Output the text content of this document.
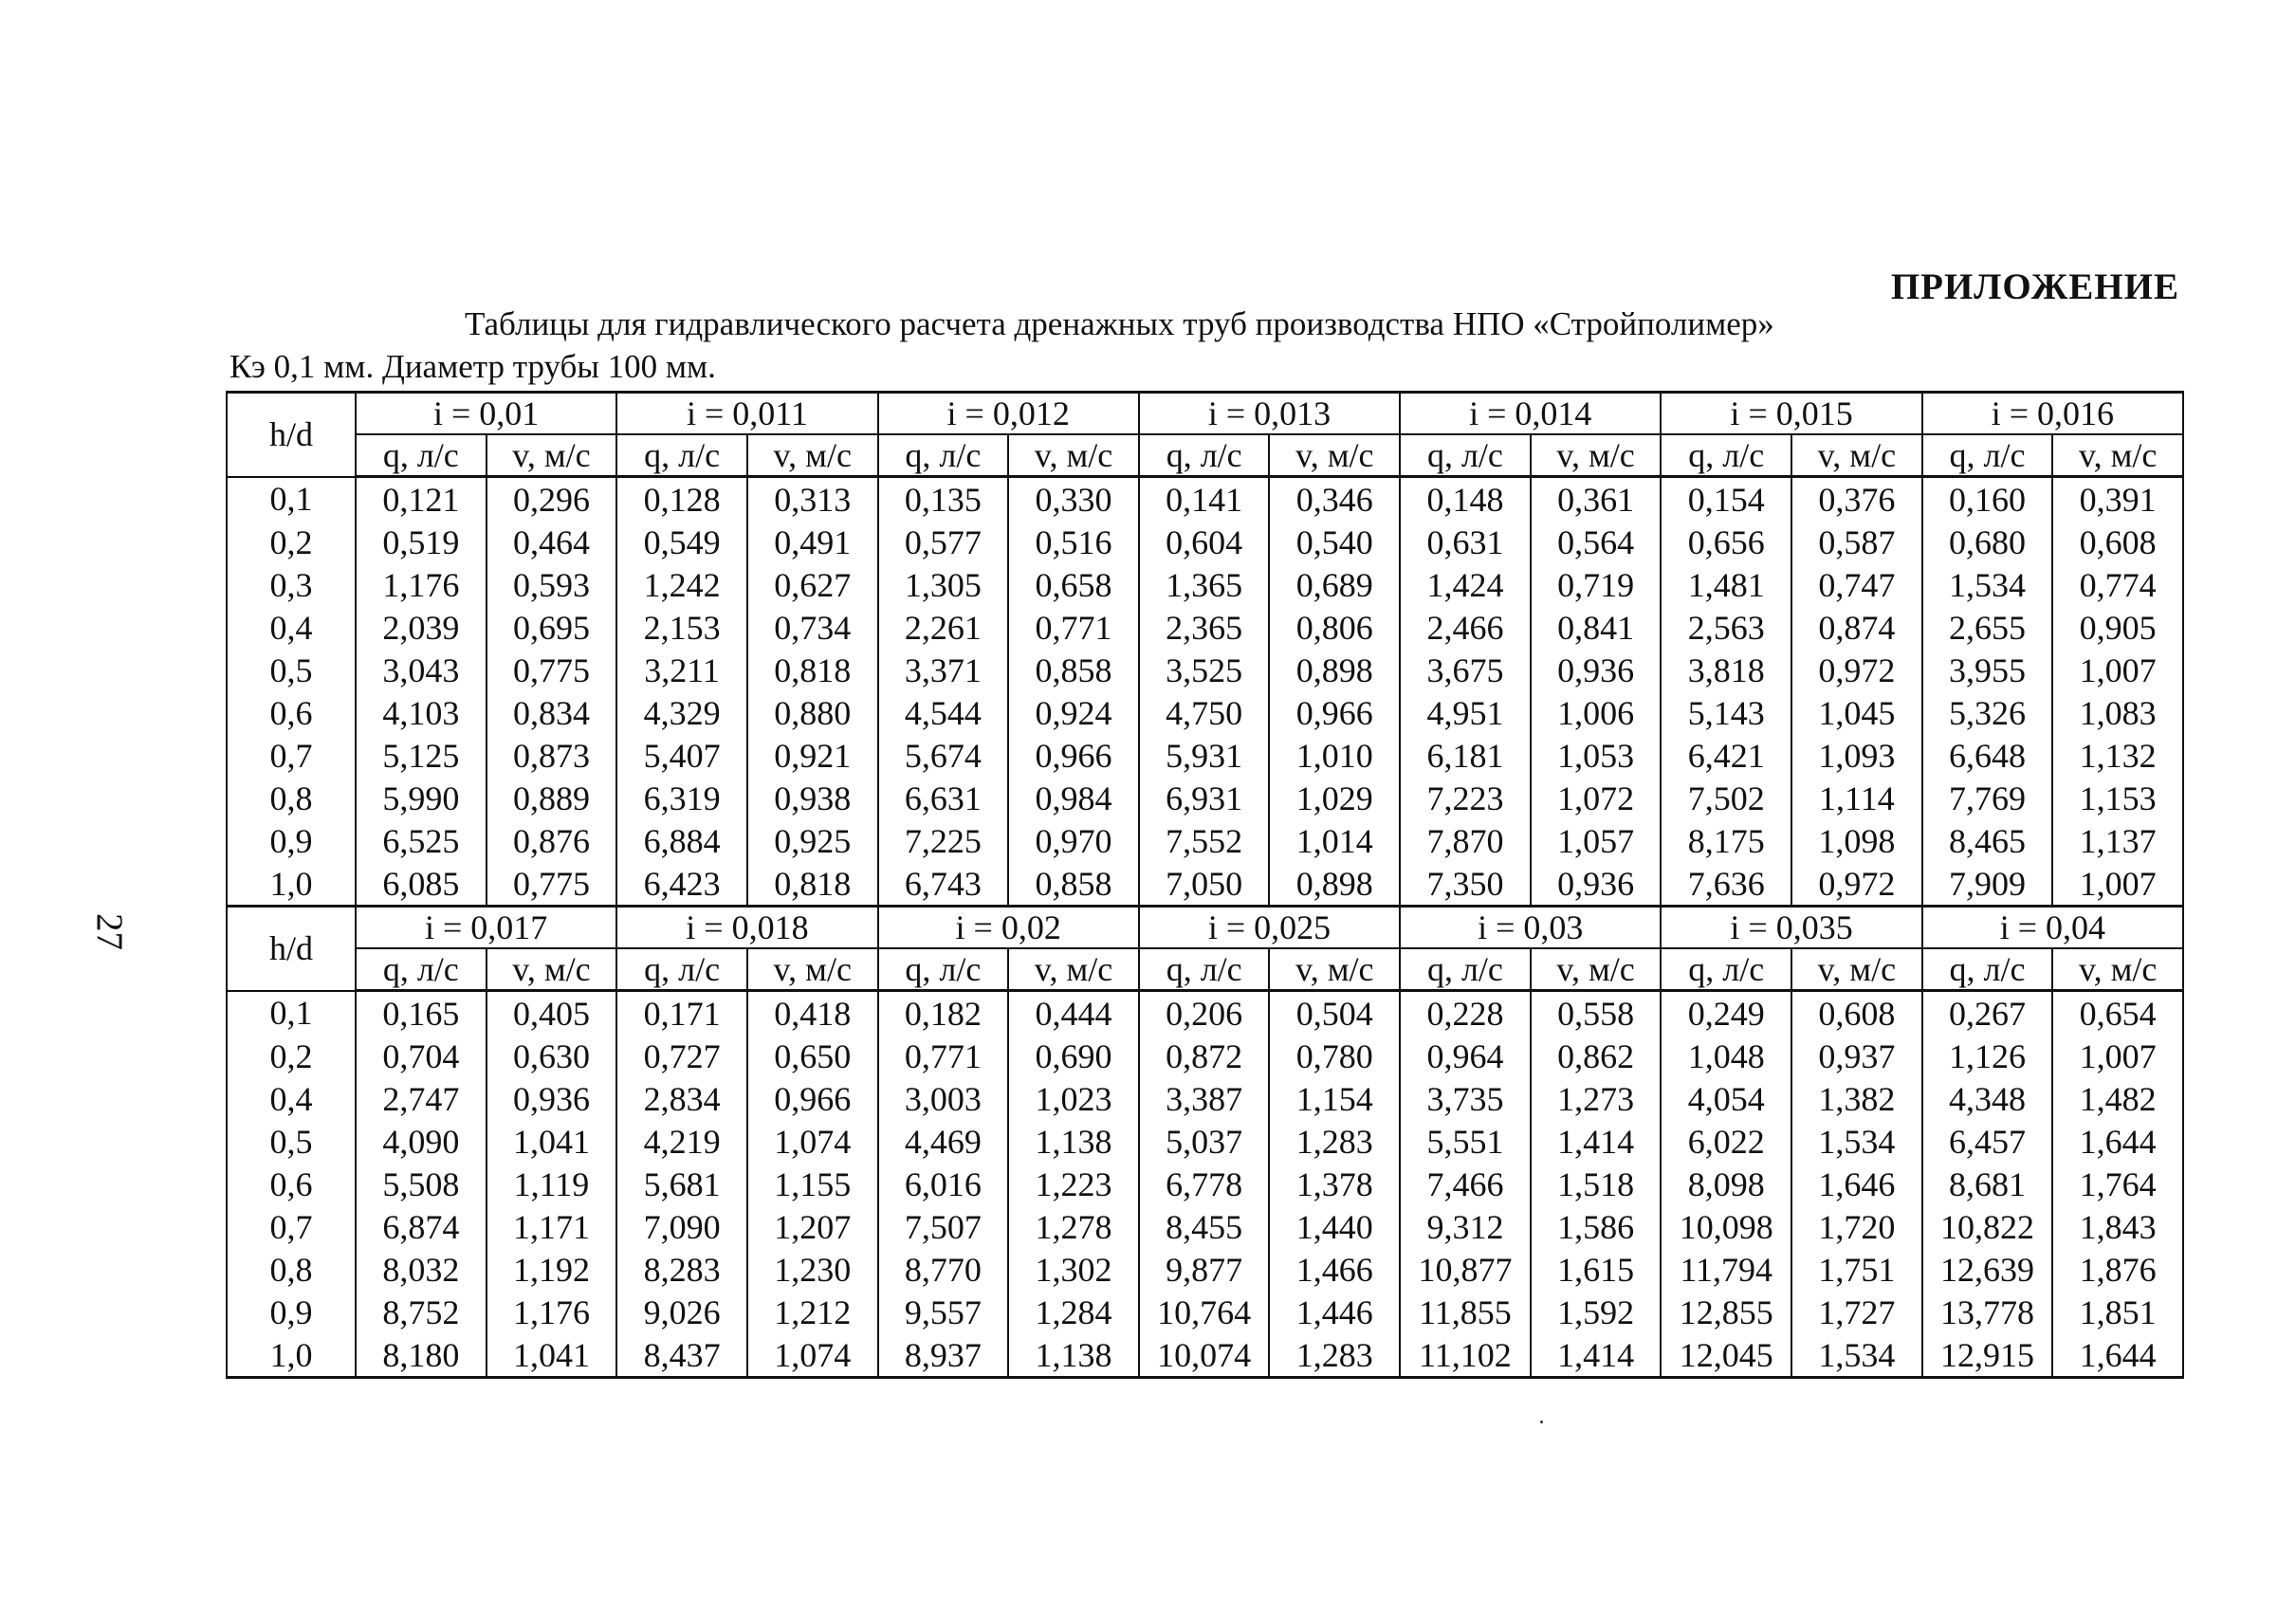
ПРИЛОЖЕНИЕ
Таблицы для гидравлического расчета дренажных труб производства НПО «Стройполимер»
Кэ 0,1 мм. Диаметр трубы 100 мм.
27
h/d	i = 0,01		i = 0,011		i = 0,012		i = 0,013		i = 0,014		i = 0,015		i = 0,016	
	q, л/с	v, м/с	q, л/с	v, м/с	q, л/с	v, м/с	q, л/с	v, м/с	q, л/с	v, м/с	q, л/с	v, м/с	q, л/с	v, м/с
0,1	0,121	0,296	0,128	0,313	0,135	0,330	0,141	0,346	0,148	0,361	0,154	0,376	0,160	0,391
0,2	0,519	0,464	0,549	0,491	0,577	0,516	0,604	0,540	0,631	0,564	0,656	0,587	0,680	0,608
0,3	1,176	0,593	1,242	0,627	1,305	0,658	1,365	0,689	1,424	0,719	1,481	0,747	1,534	0,774
0,4	2,039	0,695	2,153	0,734	2,261	0,771	2,365	0,806	2,466	0,841	2,563	0,874	2,655	0,905
0,5	3,043	0,775	3,211	0,818	3,371	0,858	3,525	0,898	3,675	0,936	3,818	0,972	3,955	1,007
0,6	4,103	0,834	4,329	0,880	4,544	0,924	4,750	0,966	4,951	1,006	5,143	1,045	5,326	1,083
0,7	5,125	0,873	5,407	0,921	5,674	0,966	5,931	1,010	6,181	1,053	6,421	1,093	6,648	1,132
0,8	5,990	0,889	6,319	0,938	6,631	0,984	6,931	1,029	7,223	1,072	7,502	1,114	7,769	1,153
0,9	6,525	0,876	6,884	0,925	7,225	0,970	7,552	1,014	7,870	1,057	8,175	1,098	8,465	1,137
1,0	6,085	0,775	6,423	0,818	6,743	0,858	7,050	0,898	7,350	0,936	7,636	0,972	7,909	1,007
h/d	i = 0,017		i = 0,018		i = 0,02		i = 0,025		i = 0,03		i = 0,035		i = 0,04	
	q, л/с	v, м/с	q, л/с	v, м/с	q, л/с	v, м/с	q, л/с	v, м/с	q, л/с	v, м/с	q, л/с	v, м/с	q, л/с	v, м/с
0,1	0,165	0,405	0,171	0,418	0,182	0,444	0,206	0,504	0,228	0,558	0,249	0,608	0,267	0,654
0,2	0,704	0,630	0,727	0,650	0,771	0,690	0,872	0,780	0,964	0,862	1,048	0,937	1,126	1,007
0,4	2,747	0,936	2,834	0,966	3,003	1,023	3,387	1,154	3,735	1,273	4,054	1,382	4,348	1,482
0,5	4,090	1,041	4,219	1,074	4,469	1,138	5,037	1,283	5,551	1,414	6,022	1,534	6,457	1,644
0,6	5,508	1,119	5,681	1,155	6,016	1,223	6,778	1,378	7,466	1,518	8,098	1,646	8,681	1,764
0,7	6,874	1,171	7,090	1,207	7,507	1,278	8,455	1,440	9,312	1,586	10,098	1,720	10,822	1,843
0,8	8,032	1,192	8,283	1,230	8,770	1,302	9,877	1,466	10,877	1,615	11,794	1,751	12,639	1,876
0,9	8,752	1,176	9,026	1,212	9,557	1,284	10,764	1,446	11,855	1,592	12,855	1,727	13,778	1,851
1,0	8,180	1,041	8,437	1,074	8,937	1,138	10,074	1,283	11,102	1,414	12,045	1,534	12,915	1,644
